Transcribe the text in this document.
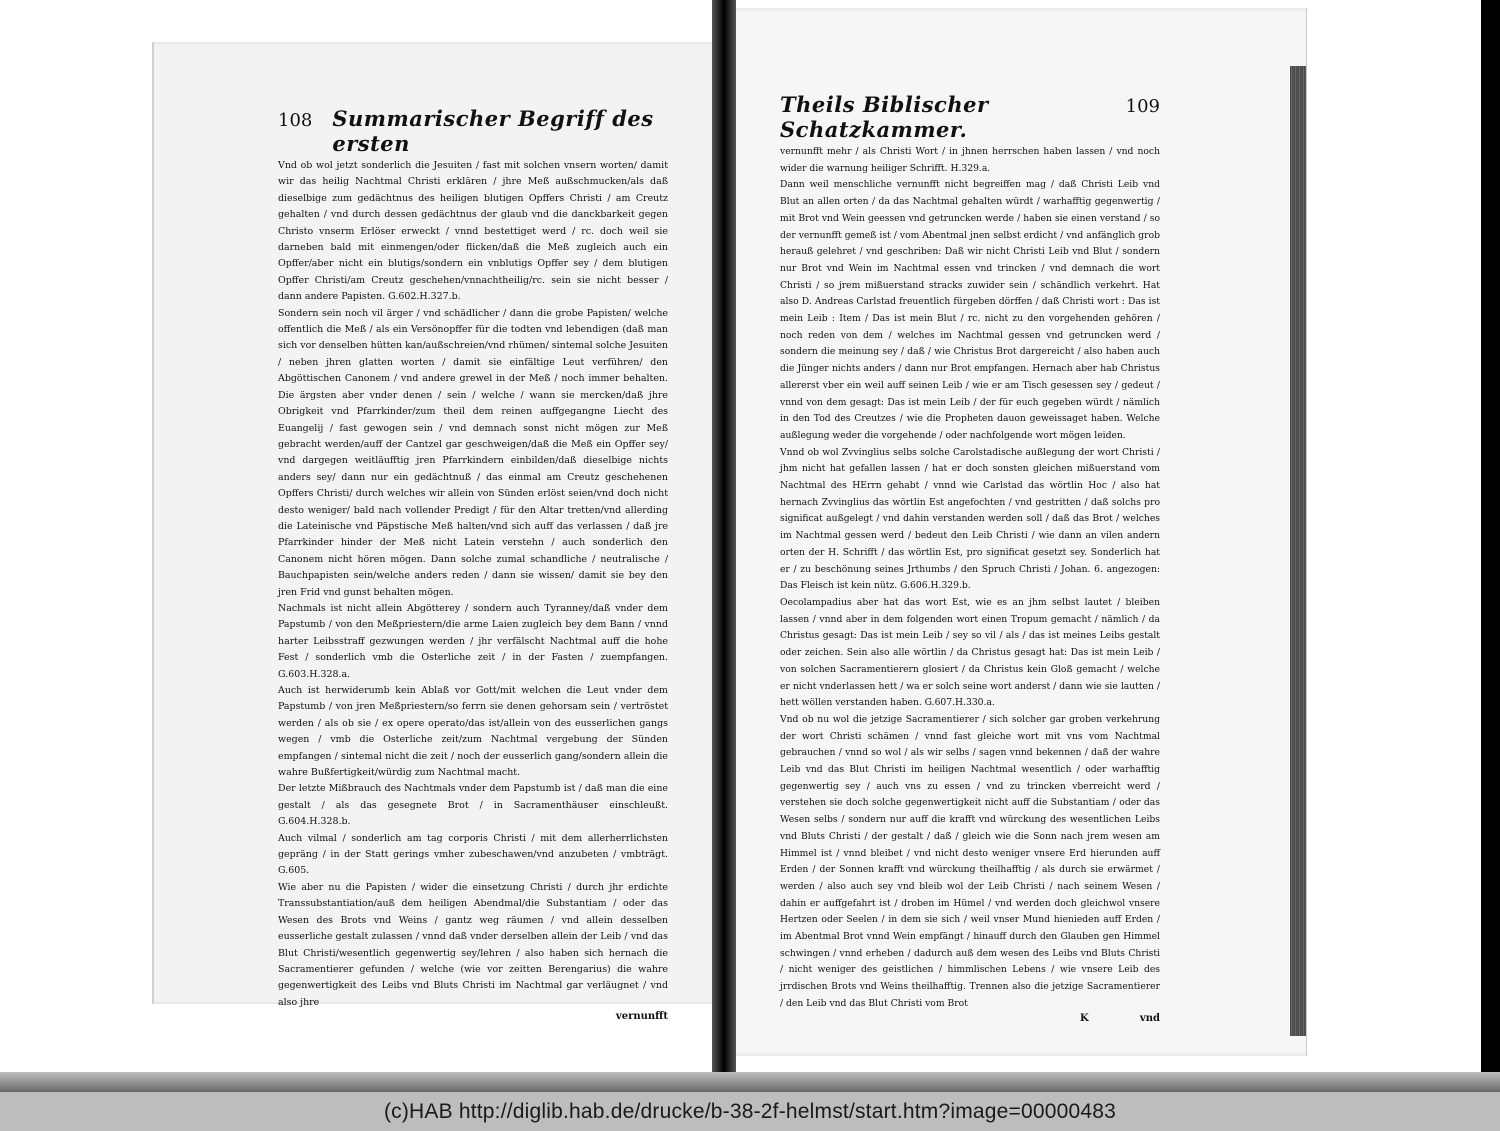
108 Summarischer Begriff des ersten
Vnd ob wol jetzt sonderlich die Jesuiten / fast mit solchen vnsern worten/ damit wir das heilig Nachtmal Christi erklären / jhre Meß außschmucken/als daß dieselbige zum gedächtnus des heiligen blutigen Opffers Christi / am Creutz gehalten / vnd durch dessen gedächtnus der glaub vnd die danckbarkeit gegen Christo vnserm Erlöser erweckt / vnnd bestettiget werd / rc. doch weil sie darneben bald mit einmengen/oder flicken/daß die Meß zugleich auch ein Opffer/aber nicht ein blutigs/sondern ein vnblutigs Opffer sey / dem blutigen Opffer Christi/am Creutz geschehen/vnnachtheilig/rc. sein sie nicht besser / dann andere Papisten. G.602.H.327.b.
Sondern sein noch vil ärger / vnd schädlicher / dann die grobe Papisten/ welche offentlich die Meß / als ein Versönopffer für die todten vnd lebendigen (daß man sich vor denselben hütten kan/außschreien/vnd rhümen/ sintemal solche Jesuiten / neben jhren glatten worten / damit sie einfältige Leut verführen/ den Abgöttischen Canonem / vnd andere grewel in der Meß / noch immer behalten. Die ärgsten aber vnder denen / sein / welche / wann sie mercken/daß jhre Obrigkeit vnd Pfarrkinder/zum theil dem reinen auffgegangne Liecht des Euangelij / fast gewogen sein / vnd demnach sonst nicht mögen zur Meß gebracht werden/auff der Cantzel gar geschweigen/daß die Meß ein Opffer sey/ vnd dargegen weitläufftig jren Pfarrkindern einbilden/daß dieselbige nichts anders sey/ dann nur ein gedächtnuß / das einmal am Creutz geschehenen Opffers Christi/ durch welches wir allein von Sünden erlöst seien/vnd doch nicht desto weniger/ bald nach vollender Predigt / für den Altar tretten/vnd allerding die Lateinische vnd Päpstische Meß halten/vnd sich auff das verlassen / daß jre Pfarrkinder hinder der Meß nicht Latein verstehn / auch sonderlich den Canonem nicht hören mögen. Dann solche zumal schandliche / neutralische / Bauchpapisten sein/welche anders reden / dann sie wissen/ damit sie bey den jren Frid vnd gunst behalten mögen.
Nachmals ist nicht allein Abgötterey / sondern auch Tyranney/daß vnder dem Papstumb / von den Meßpriestern/die arme Laien zugleich bey dem Bann / vnnd harter Leibsstraff gezwungen werden / jhr verfälscht Nachtmal auff die hohe Fest / sonderlich vmb die Osterliche zeit / in der Fasten / zuempfangen. G.603.H.328.a.
Auch ist herwiderumb kein Ablaß vor Gott/mit welchen die Leut vnder dem Papstumb / von jren Meßpriestern/so ferrn sie denen gehorsam sein / vertröstet werden / als ob sie / ex opere operato/das ist/allein von des eusserlichen gangs wegen / vmb die Osterliche zeit/zum Nachtmal vergebung der Sünden empfangen / sintemal nicht die zeit / noch der eusserlich gang/sondern allein die wahre Bußfertigkeit/würdig zum Nachtmal macht.
Der letzte Mißbrauch des Nachtmals vnder dem Papstumb ist / daß man die eine gestalt / als das gesegnete Brot / in Sacramenthäuser einschleußt. G.604.H.328.b.
Auch vilmal / sonderlich am tag corporis Christi / mit dem allerherrlichsten gepräng / in der Statt gerings vmher zubeschawen/vnd anzubeten / vmbträgt. G.605.
Wie aber nu die Papisten / wider die einsetzung Christi / durch jhr erdichte Transsubstantiation/auß dem heiligen Abendmal/die Substantiam / oder das Wesen des Brots vnd Weins / gantz weg räumen / vnd allein desselben eusserliche gestalt zulassen / vnnd daß vnder derselben allein der Leib / vnd das Blut Christi/wesentlich gegenwertig sey/lehren / also haben sich hernach die Sacramentierer gefunden / welche (wie vor zeitten Berengarius) die wahre gegenwertigkeit des Leibs vnd Bluts Christi im Nachtmal gar verläugnet / vnd also jhre
vernunfft
Theils Biblischer Schatzkammer.
109
vernunfft mehr / als Christi Wort / in jhnen herrschen haben lassen / vnd noch wider die warnung heiliger Schrifft. H.329.a.
Dann weil menschliche vernunfft nicht begreiffen mag / daß Christi Leib vnd Blut an allen orten / da das Nachtmal gehalten würdt / warhafftig gegenwertig / mit Brot vnd Wein geessen vnd getruncken werde / haben sie einen verstand / so der vernunfft gemeß ist / vom Abentmal jnen selbst erdicht / vnd anfänglich grob herauß gelehret / vnd geschriben: Daß wir nicht Christi Leib vnd Blut / sondern nur Brot vnd Wein im Nachtmal essen vnd trincken / vnd demnach die wort Christi / so jrem mißuerstand stracks zuwider sein / schändlich verkehrt. Hat also D. Andreas Carlstad freuentlich fürgeben dörffen / daß Christi wort : Das ist mein Leib : Item / Das ist mein Blut / rc. nicht zu den vorgehenden gehören / noch reden von dem / welches im Nachtmal gessen vnd getruncken werd / sondern die meinung sey / daß / wie Christus Brot dargereicht / also haben auch die Jünger nichts anders / dann nur Brot empfangen. Hernach aber hab Christus allererst vber ein weil auff seinen Leib / wie er am Tisch gesessen sey / gedeut / vnnd von dem gesagt: Das ist mein Leib / der für euch gegeben würdt / nämlich in den Tod des Creutzes / wie die Propheten dauon geweissaget haben. Welche außlegung weder die vorgehende / oder nachfolgende wort mögen leiden.
Vnnd ob wol Zvvinglius selbs solche Carolstadische außlegung der wort Christi / jhm nicht hat gefallen lassen / hat er doch sonsten gleichen mißuerstand vom Nachtmal des HErrn gehabt / vnnd wie Carlstad das wörtlin Hoc / also hat hernach Zvvinglius das wörtlin Est angefochten / vnd gestritten / daß solchs pro significat außgelegt / vnd dahin verstanden werden soll / daß das Brot / welches im Nachtmal gessen werd / bedeut den Leib Christi / wie dann an vilen andern orten der H. Schrifft / das wörtlin Est, pro significat gesetzt sey. Sonderlich hat er / zu beschönung seines Jrthumbs / den Spruch Christi / Johan. 6. angezogen: Das Fleisch ist kein nütz. G.606.H.329.b.
Oecolampadius aber hat das wort Est, wie es an jhm selbst lautet / bleiben lassen / vnnd aber in dem folgenden wort einen Tropum gemacht / nämlich / da Christus gesagt: Das ist mein Leib / sey so vil / als / das ist meines Leibs gestalt oder zeichen. Sein also alle wörtlin / da Christus gesagt hat: Das ist mein Leib / von solchen Sacramentierern glosiert / da Christus kein Gloß gemacht / welche er nicht vnderlassen hett / wa er solch seine wort anderst / dann wie sie lautten / hett wöllen verstanden haben. G.607.H.330.a.
Vnd ob nu wol die jetzige Sacramentierer / sich solcher gar groben verkehrung der wort Christi schämen / vnnd fast gleiche wort mit vns vom Nachtmal gebrauchen / vnnd so wol / als wir selbs / sagen vnnd bekennen / daß der wahre Leib vnd das Blut Christi im heiligen Nachtmal wesentlich / oder warhafftig gegenwertig sey / auch vns zu essen / vnd zu trincken vberreicht werd / verstehen sie doch solche gegenwertigkeit nicht auff die Substantiam / oder das Wesen selbs / sondern nur auff die krafft vnd würckung des wesentlichen Leibs vnd Bluts Christi / der gestalt / daß / gleich wie die Sonn nach jrem wesen am Himmel ist / vnnd bleibet / vnd nicht desto weniger vnsere Erd hierunden auff Erden / der Sonnen krafft vnd würckung theilhafftig / als durch sie erwärmet / werden / also auch sey vnd bleib wol der Leib Christi / nach seinem Wesen / dahin er auffgefahrt ist / droben im Hümel / vnd werden doch gleichwol vnsere Hertzen oder Seelen / in dem sie sich / weil vnser Mund hienieden auff Erden / im Abentmal Brot vnnd Wein empfängt / hinauff durch den Glauben gen Himmel schwingen / vnnd erheben / dadurch auß dem wesen des Leibs vnd Bluts Christi / nicht weniger des geistlichen / himmlischen Lebens / wie vnsere Leib des jrrdischen Brots vnd Weins theilhafftig. Trennen also die jetzige Sacramentierer / den Leib vnd das Blut Christi vom Brot
K	vnd
(c)HAB http://diglib.hab.de/drucke/b-38-2f-helmst/start.htm?image=00000483
